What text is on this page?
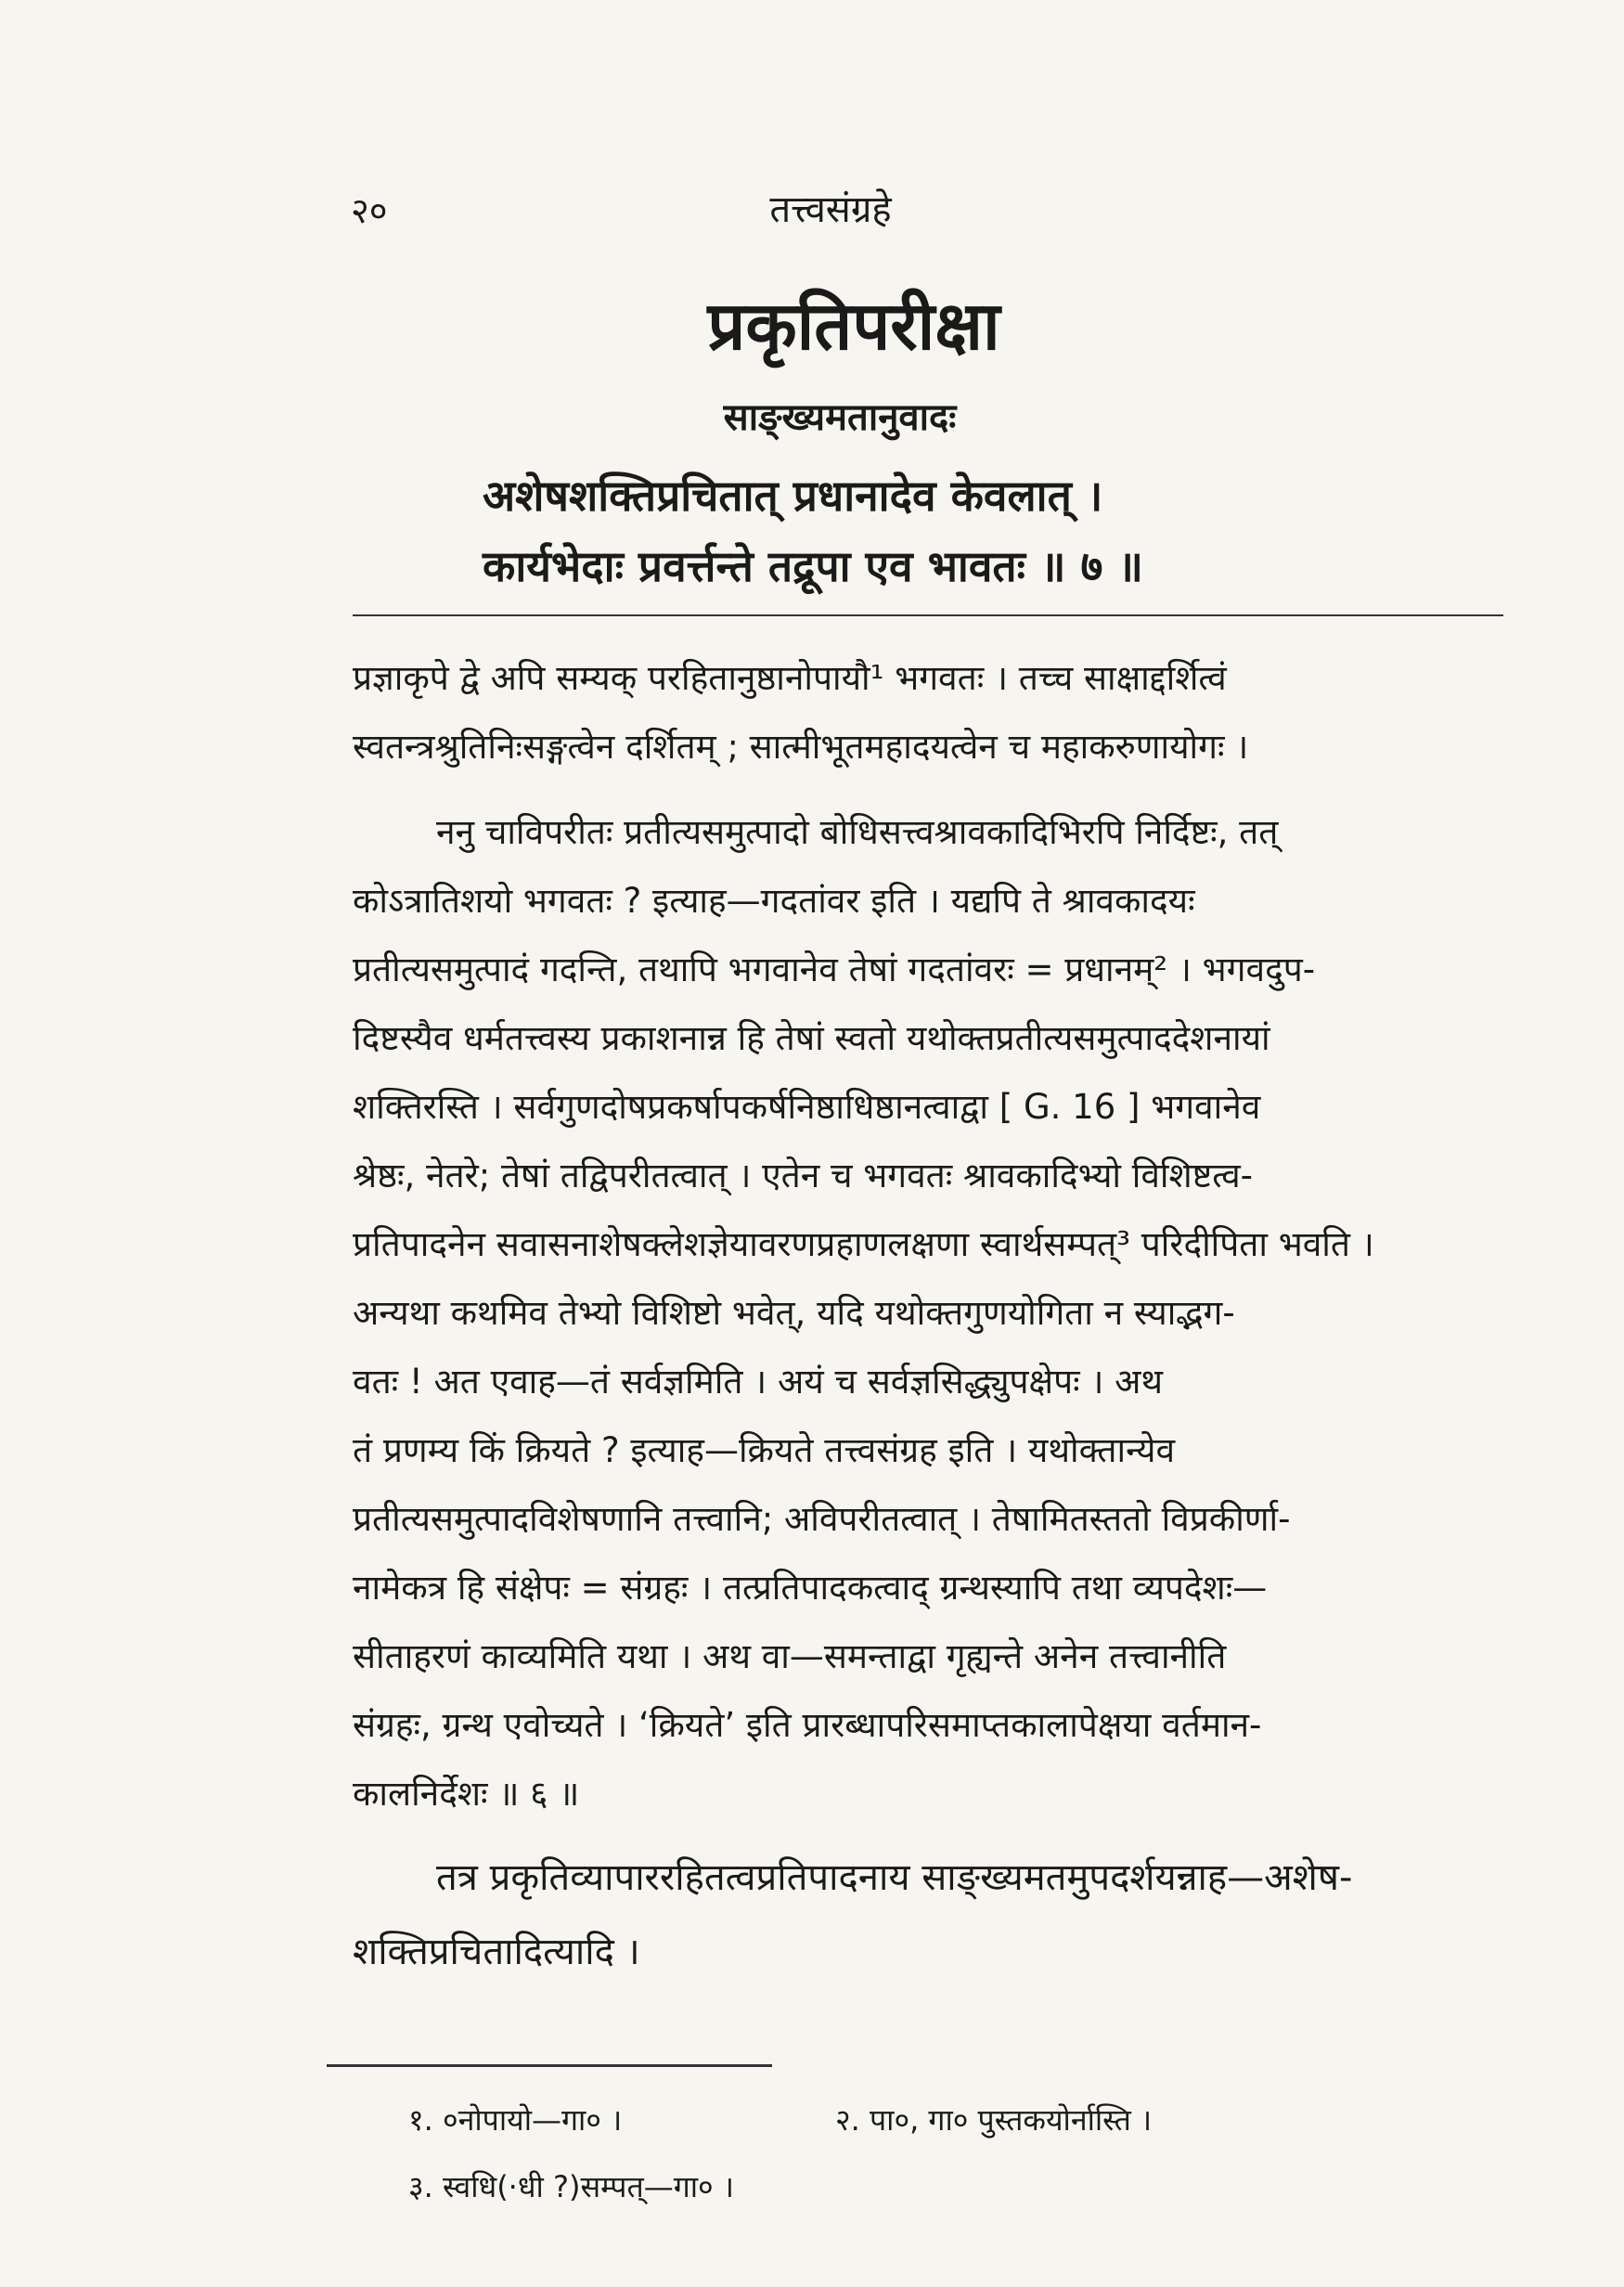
२०	तत्त्वसंग्रहे
प्रकृतिपरीक्षा
साङ्ख्यमतानुवादः
अशेषशक्तिप्रचितात् प्रधानादेव केवलात् ।
कार्यभेदाः प्रवर्त्तन्ते तद्रूपा एव भावतः ॥ ७ ॥
प्रज्ञाकृपे द्वे अपि सम्यक् परहितानुष्ठानोपायौ¹ भगवतः । तच्च साक्षाद्दर्शित्वं
स्वतन्त्रश्रुतिनिःसङ्गत्वेन दर्शितम् ; सात्मीभूतमहादयत्वेन च महाकरुणायोगः ।
ननु चाविपरीतः प्रतीत्यसमुत्पादो बोधिसत्त्वश्रावकादिभिरपि निर्दिष्टः, तत्
कोऽत्रातिशयो भगवतः ? इत्याह—गदतांवर इति । यद्यपि ते श्रावकादयः
प्रतीत्यसमुत्पादं गदन्ति, तथापि भगवानेव तेषां गदतांवरः = प्रधानम्² । भगवदुप-
दिष्टस्यैव धर्मतत्त्वस्य प्रकाशनान्न हि तेषां स्वतो यथोक्तप्रतीत्यसमुत्पाददेशनायां
शक्तिरस्ति । सर्वगुणदोषप्रकर्षापकर्षनिष्ठाधिष्ठानत्वाद्वा [ G. 16 ] भगवानेव
श्रेष्ठः, नेतरे; तेषां तद्विपरीतत्वात् । एतेन च भगवतः श्रावकादिभ्यो विशिष्टत्व-
प्रतिपादनेन सवासनाशेषक्लेशज्ञेयावरणप्रहाणलक्षणा स्वार्थसम्पत्³ परिदीपिता भवति ।
अन्यथा कथमिव तेभ्यो विशिष्टो भवेत्, यदि यथोक्तगुणयोगिता न स्याद्भग-
वतः ! अत एवाह—तं सर्वज्ञमिति । अयं च सर्वज्ञसिद्ध्युपक्षेपः । अथ
तं प्रणम्य किं क्रियते ? इत्याह—क्रियते तत्त्वसंग्रह इति । यथोक्तान्येव
प्रतीत्यसमुत्पादविशेषणानि तत्त्वानि; अविपरीतत्वात् । तेषामितस्ततो विप्रकीर्णा-
नामेकत्र हि संक्षेपः = संग्रहः । तत्प्रतिपादकत्वाद् ग्रन्थस्यापि तथा व्यपदेशः—
सीताहरणं काव्यमिति यथा । अथ वा—समन्ताद्वा गृह्यन्ते अनेन तत्त्वानीति
संग्रहः, ग्रन्थ एवोच्यते । ‘क्रियते’ इति प्रारब्धापरिसमाप्तकालापेक्षया वर्तमान-
कालनिर्देशः ॥ ६ ॥
तत्र प्रकृतिव्यापाररहितत्वप्रतिपादनाय साङ्ख्यमतमुपदर्शयन्नाह—अशेष-
शक्तिप्रचितादित्यादि ।
१. ०नोपायो—गा० ।	२. पा०, गा० पुस्तकयोर्नास्ति ।
३. स्वधि(·धी ?)सम्पत्—गा० ।
